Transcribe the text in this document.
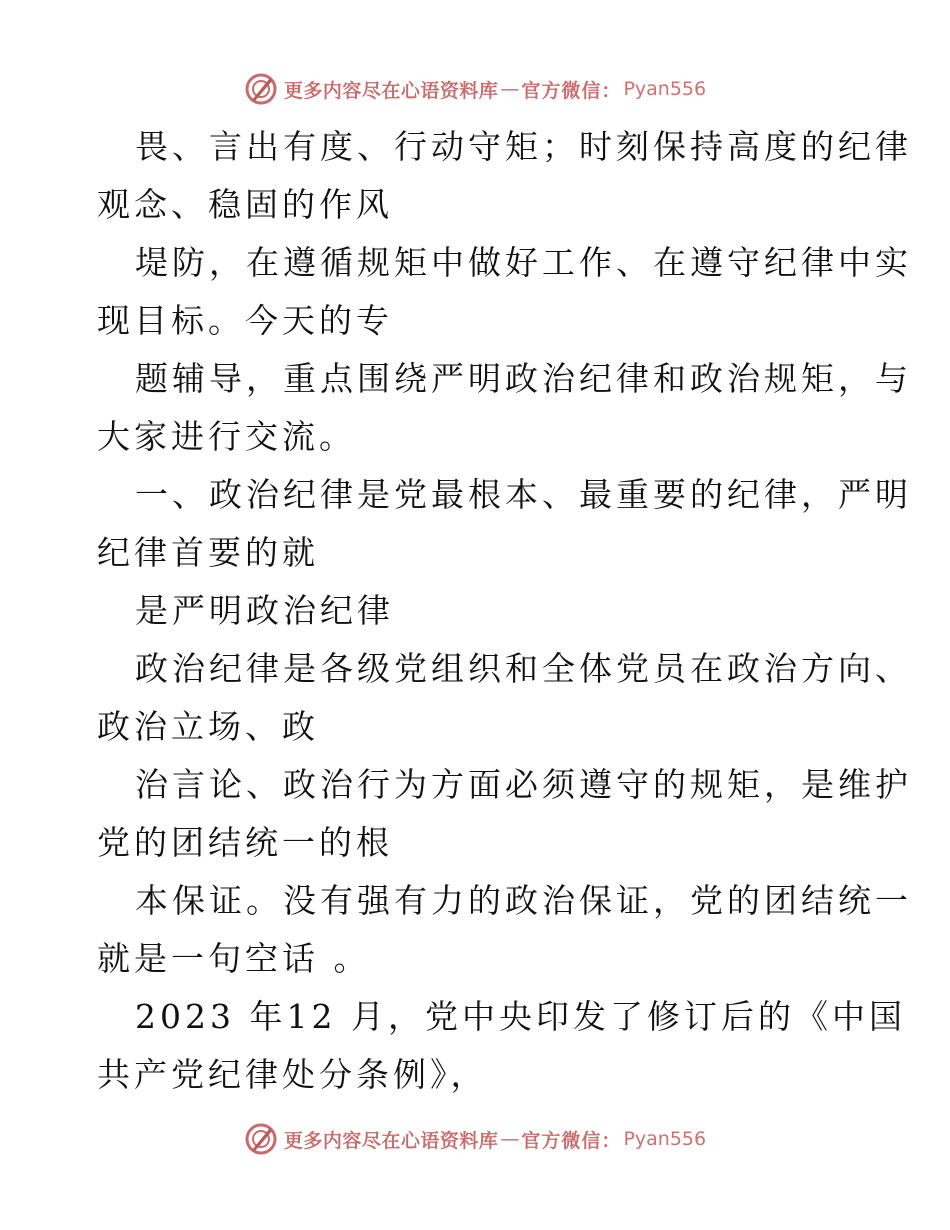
更多内容尽在心语资料库 — 官方微信： Pyan556

畏、言出有度、行动守矩；时刻保持高度的纪律
观念、稳固的作风

堤防，在遵循规矩中做好工作、在遵守纪律中实
现目标。今天的专

题辅导，重点围绕严明政治纪律和政治规矩，与
大家进行交流。

一、政治纪律是党最根本、最重要的纪律，严明
纪律首要的就

是严明政治纪律

政治纪律是各级党组织和全体党员在政治方向、
政治立场、政

治言论、政治行为方面必须遵守的规矩，是维护
党的团结统一的根

本保证。没有强有力的政治保证，党的团结统一
就是一句空话 。

2023 年12 月，党中央印发了修订后的《中国
共产党纪律处分条例》，

更多内容尽在心语资料库 — 官方微信： Pyan556
